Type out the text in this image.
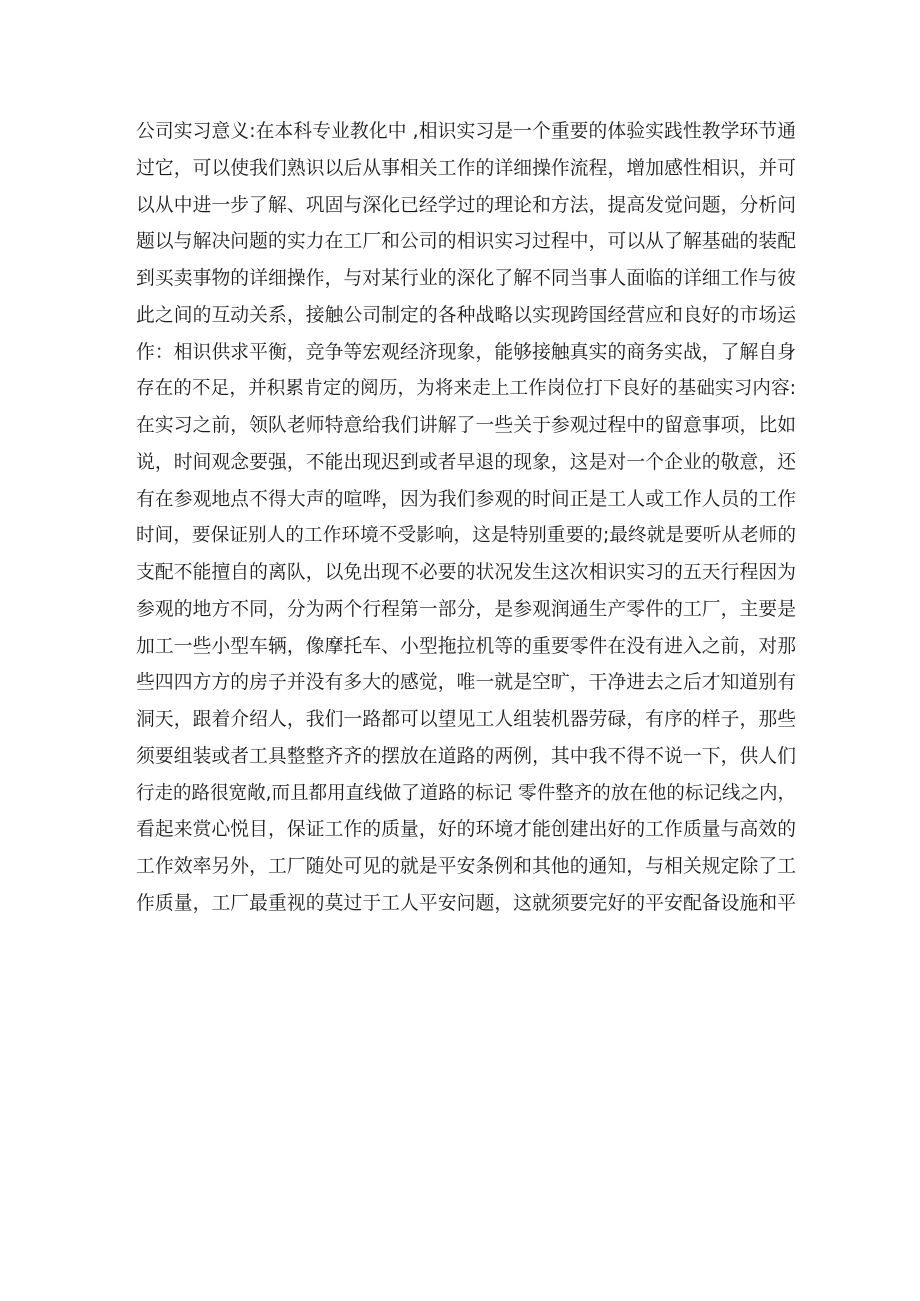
公司实习意义:在本科专业教化中 ,相识实习是一个重要的体验实践性教学环节通
过它，可以使我们熟识以后从事相关工作的详细操作流程，增加感性相识，并可
以从中进一步了解、巩固与深化已经学过的理论和方法，提高发觉问题，分析问
题以与解决问题的实力在工厂和公司的相识实习过程中，可以从了解基础的装配
到买卖事物的详细操作，与对某行业的深化了解不同当事人面临的详细工作与彼
此之间的互动关系，接触公司制定的各种战略以实现跨国经营应和良好的市场运
作：相识供求平衡，竞争等宏观经济现象，能够接触真实的商务实战，了解自身
存在的不足，并积累肯定的阅历，为将来走上工作岗位打下良好的基础实习内容:
在实习之前，领队老师特意给我们讲解了一些关于参观过程中的留意事项，比如
说，时间观念要强，不能出现迟到或者早退的现象，这是对一个企业的敬意，还
有在参观地点不得大声的喧哗，因为我们参观的时间正是工人或工作人员的工作
时间，要保证别人的工作环境不受影响，这是特别重要的;最终就是要听从老师的
支配不能擅自的离队，以免出现不必要的状况发生这次相识实习的五天行程因为
参观的地方不同，分为两个行程第一部分，是参观润通生产零件的工厂，主要是
加工一些小型车辆，像摩托车、小型拖拉机等的重要零件在没有进入之前，对那
些四四方方的房子并没有多大的感觉，唯一就是空旷，干净进去之后才知道别有
洞天，跟着介绍人，我们一路都可以望见工人组装机器劳碌，有序的样子，那些
须要组装或者工具整整齐齐的摆放在道路的两例，其中我不得不说一下，供人们
行走的路很宽敞,而且都用直线做了道路的标记 零件整齐的放在他的标记线之内，
看起来赏心悦目，保证工作的质量，好的环境才能创建出好的工作质量与高效的
工作效率另外，工厂随处可见的就是平安条例和其他的通知，与相关规定除了工
作质量，工厂最重视的莫过于工人平安问题，这就须要完好的平安配备设施和平
